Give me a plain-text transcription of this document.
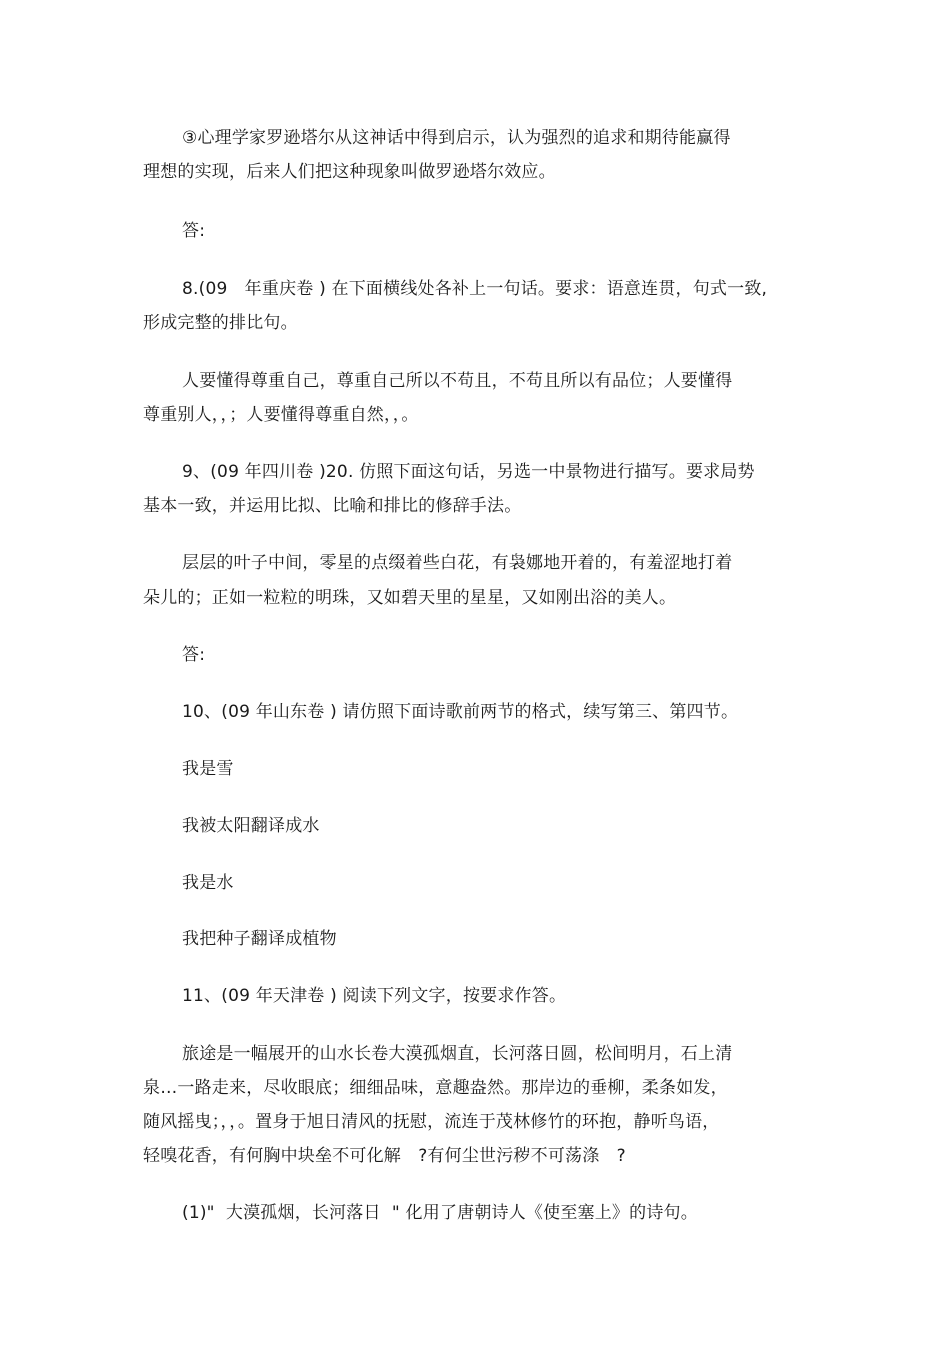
③心理学家罗逊塔尔从这神话中得到启示，认为强烈的追求和期待能赢得
理想的实现，后来人们把这种现象叫做罗逊塔尔效应。
答:
8.(09　年重庆卷 ) 在下面横线处各补上一句话。要求：语意连贯，句式一致,
形成完整的排比句。
人要懂得尊重自己，尊重自己所以不苟且，不苟且所以有品位；人要懂得
尊重别人，，；人要懂得尊重自然，，。
9、(09 年四川卷 )20. 仿照下面这句话，另选一中景物进行描写。要求局势
基本一致，并运用比拟、比喻和排比的修辞手法。
层层的叶子中间，零星的点缀着些白花，有袅娜地开着的，有羞涩地打着
朵儿的；正如一粒粒的明珠，又如碧天里的星星，又如刚出浴的美人。
答:
10、(09 年山东卷 ) 请仿照下面诗歌前两节的格式，续写第三、第四节。
我是雪
我被太阳翻译成水
我是水
我把种子翻译成植物
11、(09 年天津卷 ) 阅读下列文字，按要求作答。
旅途是一幅展开的山水长卷大漠孤烟直，长河落日圆，松间明月，石上清
泉…一路走来，尽收眼底；细细品味，意趣盎然。那岸边的垂柳，柔条如发，
随风摇曳；，，。置身于旭日清风的抚慰，流连于茂林修竹的环抱，静听鸟语，
轻嗅花香，有何胸中块垒不可化解　?有何尘世污秽不可荡涤　?
(1)"  大漠孤烟，长河落日  " 化用了唐朝诗人《使至塞上》的诗句。
